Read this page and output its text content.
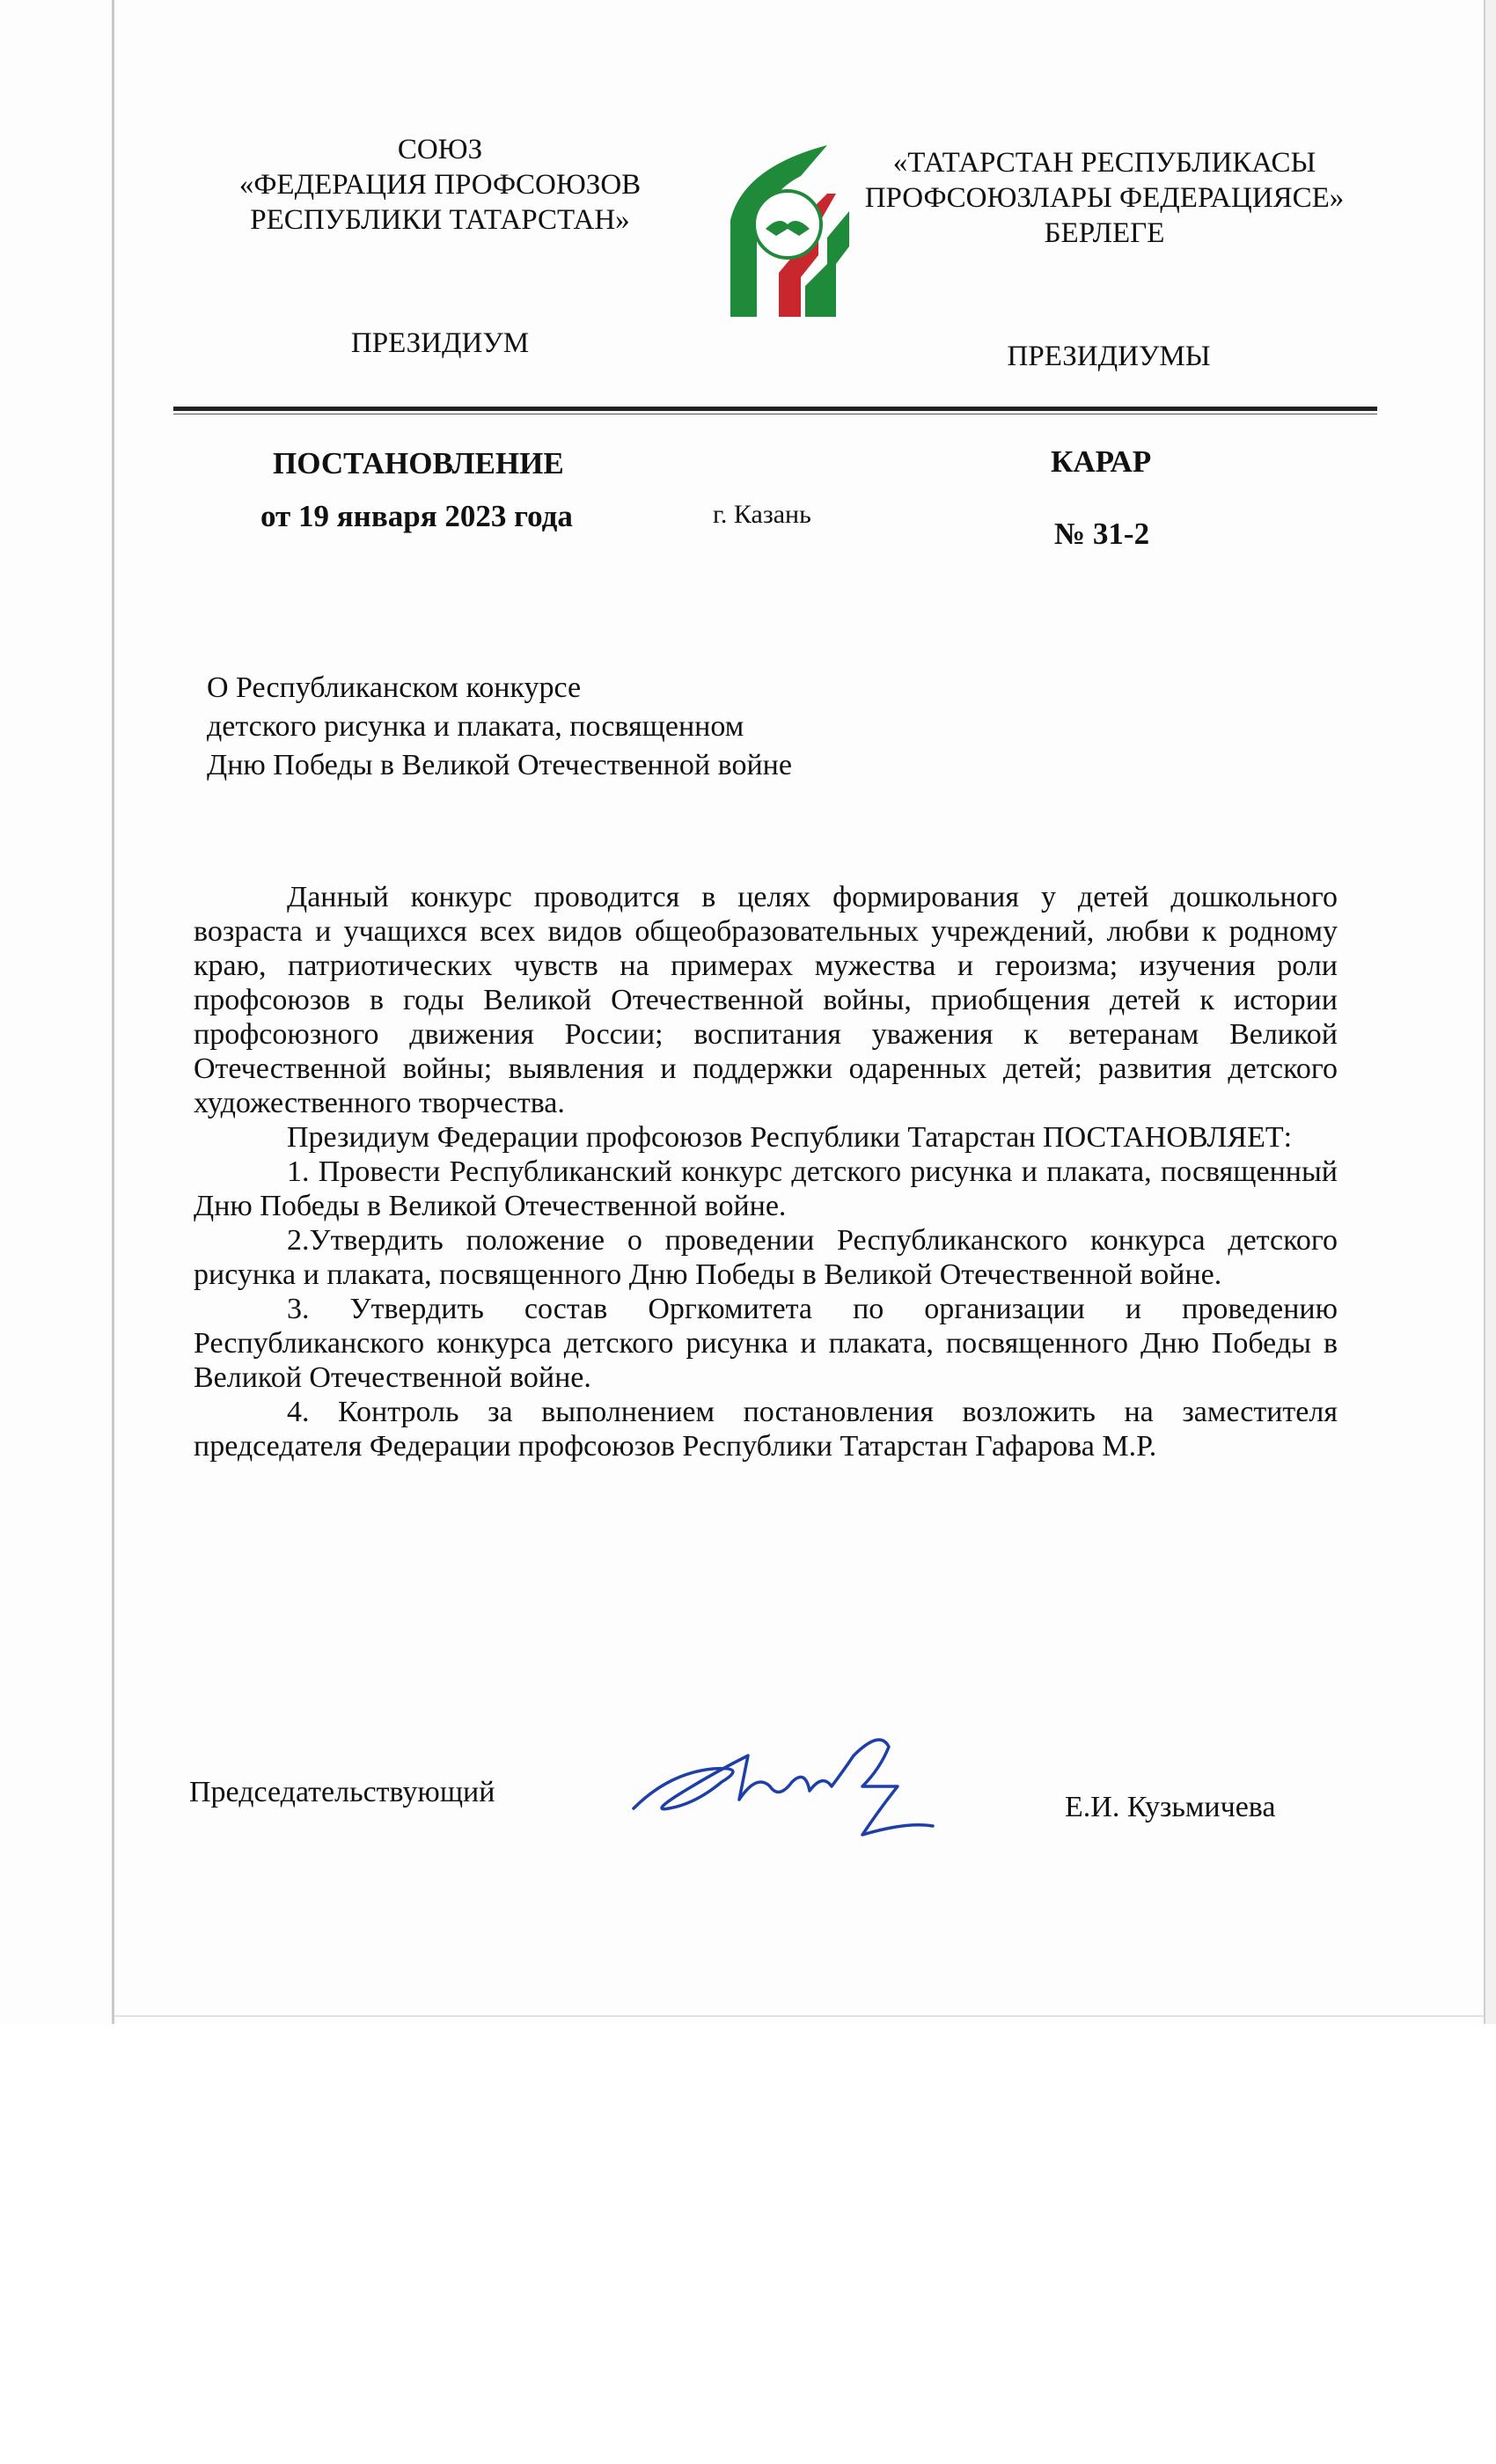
СОЮЗ
«ФЕДЕРАЦИЯ ПРОФСОЮЗОВ
РЕСПУБЛИКИ ТАТАРСТАН»
«ТАТАРСТАН РЕСПУБЛИКАСЫ
ПРОФСОЮЗЛАРЫ ФЕДЕРАЦИЯСЕ»
БЕРЛЕГЕ
ПРЕЗИДИУМ	ПРЕЗИДИУМЫ
ПОСТАНОВЛЕНИЕ
от 19 января 2023 года	г. Казань
КАРАР
№ 31-2
О Республиканском конкурсе
детского рисунка и плаката, посвященном
Дню Победы в Великой Отечественной войне

Данный конкурс проводится в целях формирования у детей дошкольного возраста и учащихся всех видов общеобразовательных учреждений, любви к родному краю, патриотических чувств на примерах мужества и героизма; изучения роли профсоюзов в годы Великой Отечественной войны, приобщения детей к истории профсоюзного движения России; воспитания уважения к ветеранам Великой Отечественной войны; выявления и поддержки одаренных детей; развития детского художественного творчества.

Президиум Федерации профсоюзов Республики Татарстан ПОСТАНОВЛЯЕТ:

1. Провести Республиканский конкурс детского рисунка и плаката, посвященный Дню Победы в Великой Отечественной войне.

2.Утвердить положение о проведении Республиканского конкурса детского рисунка и плаката, посвященного Дню Победы в Великой Отечественной войне.

3. Утвердить состав Оргкомитета по организации и проведению Республиканского конкурса детского рисунка и плаката, посвященного Дню Победы в Великой Отечественной войне.

4. Контроль за выполнением постановления возложить на заместителя председателя Федерации профсоюзов Республики Татарстан Гафарова М.Р.

Председательствующий	Е.И. Кузьмичева
